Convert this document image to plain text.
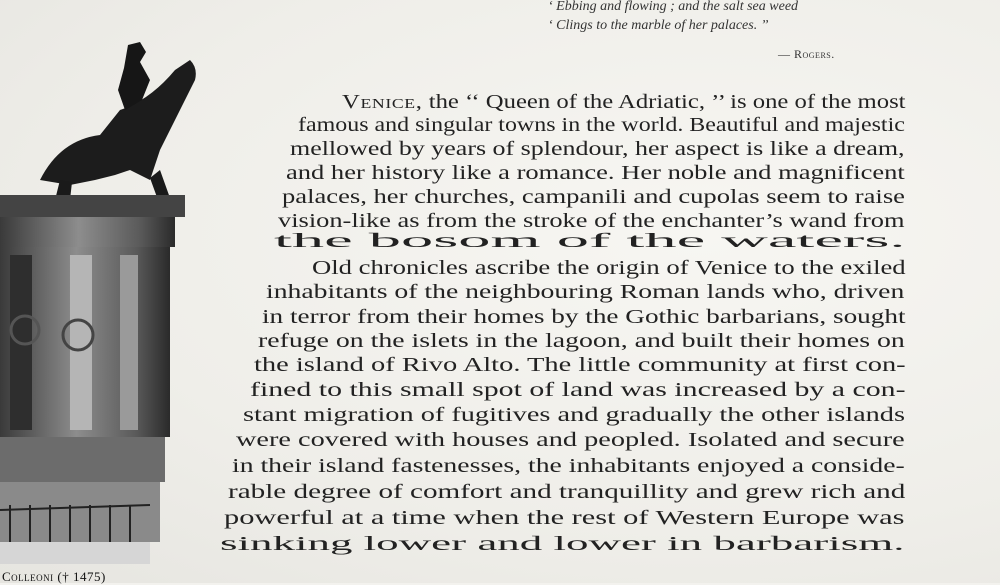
‘ Ebbing and flowing ; and the salt sea weed
‘ Clings to the marble of her palaces. ’’
— Rogers.
Colleoni († 1475)
Venice, the ‘‘ Queen of the Adriatic, ’’ is one of the most
famous and singular towns in the world. Beautiful and majestic
mellowed by years of splendour, her aspect is like a dream,
and her history like a romance. Her noble and magnificent
palaces, her churches, campanili and cupolas seem to raise
vision-like as from the stroke of the enchanter’s wand from
the bosom of the waters.
Old chronicles ascribe the origin of Venice to the exiled
inhabitants of the neighbouring Roman lands who, driven
in terror from their homes by the Gothic barbarians, sought
refuge on the islets in the lagoon, and built their homes on
the island of Rivo Alto. The little community at first con-
fined to this small spot of land was increased by a con-
stant migration of fugitives and gradually the other islands
were covered with houses and peopled. Isolated and secure
in their island fastenesses, the inhabitants enjoyed a conside-
rable degree of comfort and tranquillity and grew rich and
powerful at a time when the rest of Western Europe was
sinking lower and lower in barbarism.
